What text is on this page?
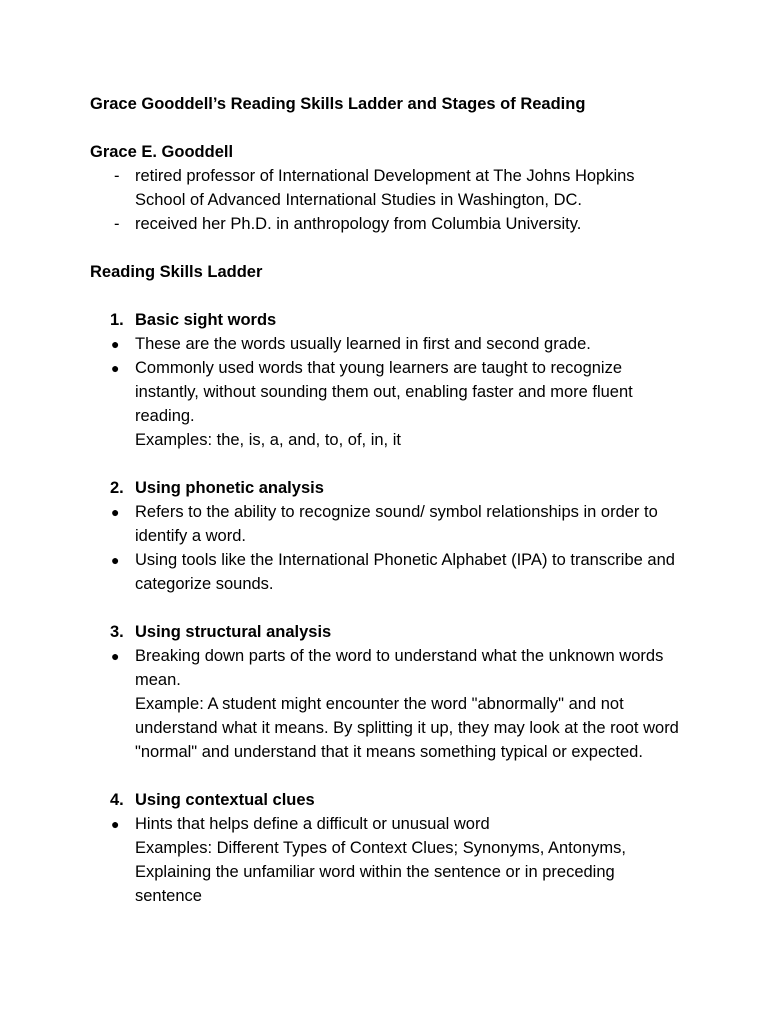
Grace Gooddell’s Reading Skills Ladder and Stages of Reading

Grace E. Gooddell

- retired professor of International Development at The Johns Hopkins School of Advanced International Studies in Washington, DC.
- received her Ph.D. in anthropology from Columbia University.

Reading Skills Ladder

1. Basic sight words
● These are the words usually learned in first and second grade.
● Commonly used words that young learners are taught to recognize instantly, without sounding them out, enabling faster and more fluent reading.
Examples: the, is, a, and, to, of, in, it
2. Using phonetic analysis
● Refers to the ability to recognize sound/ symbol relationships in order to identify a word.
● Using tools like the International Phonetic Alphabet (IPA) to transcribe and categorize sounds.
3. Using structural analysis
● Breaking down parts of the word to understand what the unknown words mean.
Example: A student might encounter the word "abnormally" and not understand what it means. By splitting it up, they may look at the root word "normal" and understand that it means something typical or expected.
4. Using contextual clues
● Hints that helps define a difficult or unusual word
Examples: Different Types of Context Clues; Synonyms, Antonyms, Explaining the unfamiliar word within the sentence or in preceding sentence
